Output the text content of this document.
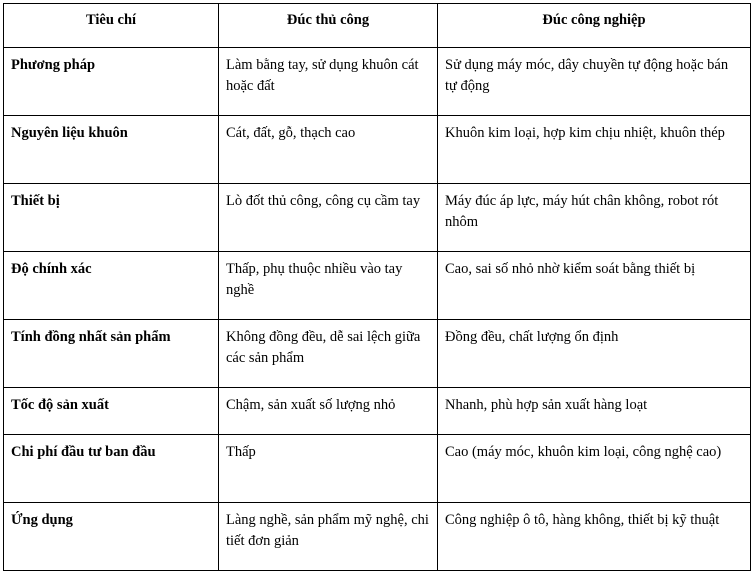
Tiêu chí	Đúc thủ công	Đúc công nghiệp
Phương pháp	Làm bằng tay, sử dụng khuôn cát hoặc đất	Sử dụng máy móc, dây chuyền tự động hoặc bán tự động
Nguyên liệu khuôn	Cát, đất, gỗ, thạch cao	Khuôn kim loại, hợp kim chịu nhiệt, khuôn thép
Thiết bị	Lò đốt thủ công, công cụ cầm tay	Máy đúc áp lực, máy hút chân không, robot rót nhôm
Độ chính xác	Thấp, phụ thuộc nhiều vào tay nghề	Cao, sai số nhỏ nhờ kiểm soát bằng thiết bị
Tính đồng nhất sản phẩm	Không đồng đều, dễ sai lệch giữa các sản phẩm	Đồng đều, chất lượng ổn định
Tốc độ sản xuất	Chậm, sản xuất số lượng nhỏ	Nhanh, phù hợp sản xuất hàng loạt
Chi phí đầu tư ban đầu	Thấp	Cao (máy móc, khuôn kim loại, công nghệ cao)
Ứng dụng	Làng nghề, sản phẩm mỹ nghệ, chi tiết đơn giản	Công nghiệp ô tô, hàng không, thiết bị kỹ thuật
